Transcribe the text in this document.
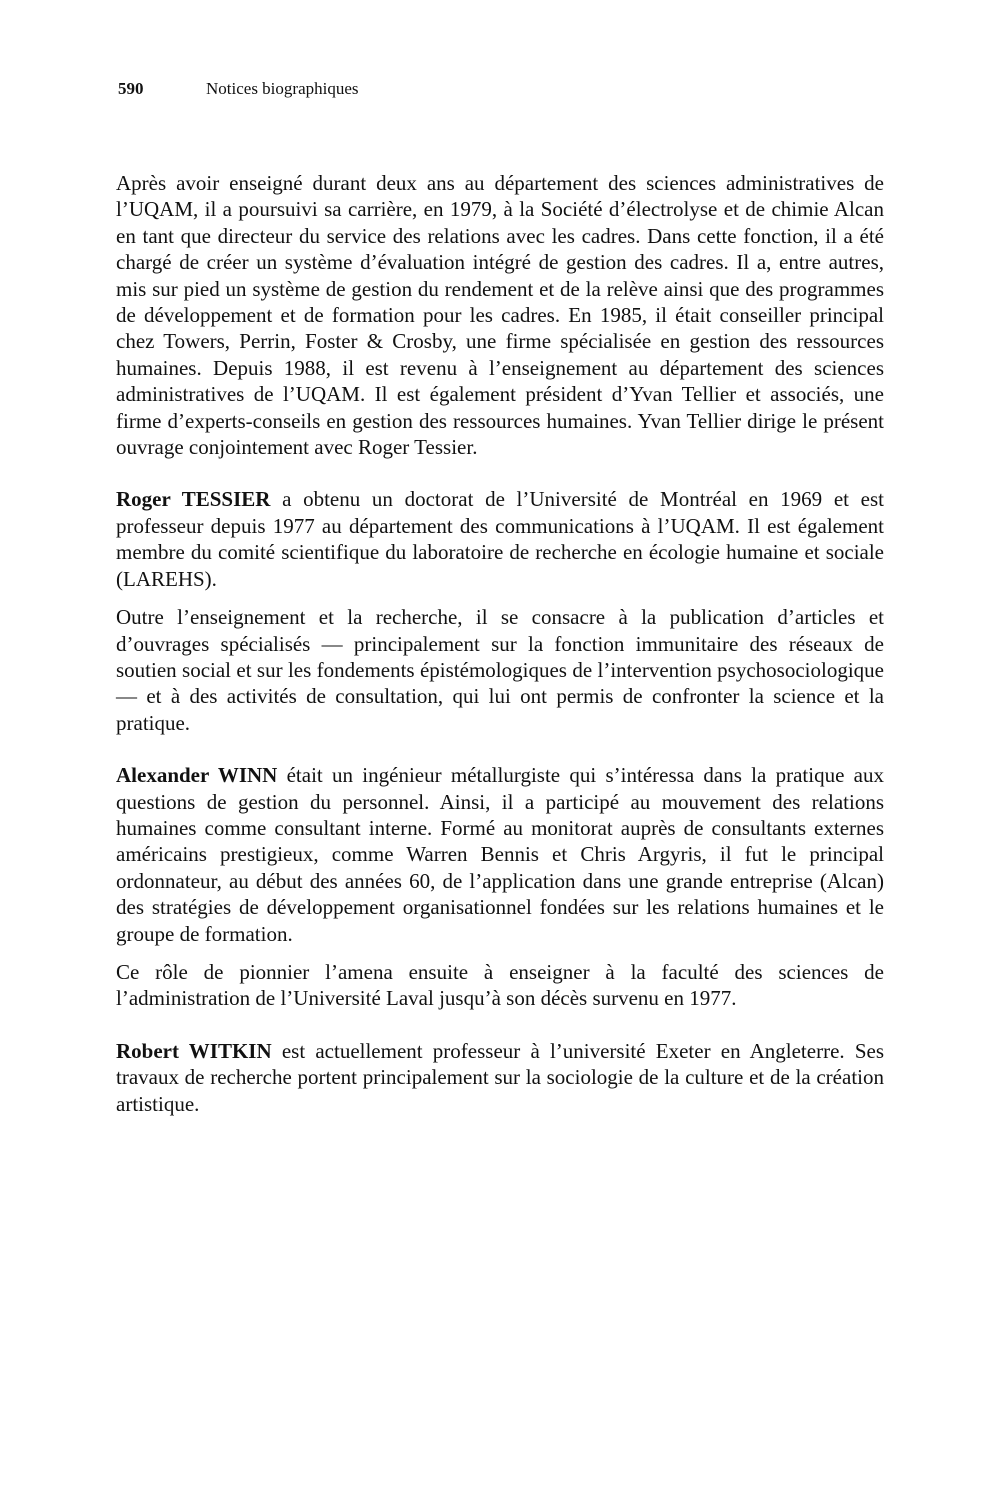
590	Notices biographiques

Après avoir enseigné durant deux ans au département des sciences administratives de l’UQAM, il a poursuivi sa carrière, en 1979, à la Société d’électrolyse et de chimie Alcan en tant que directeur du service des relations avec les cadres. Dans cette fonction, il a été chargé de créer un système d’évaluation intégré de gestion des cadres. Il a, entre autres, mis sur pied un système de gestion du rendement et de la relève ainsi que des programmes de développement et de formation pour les cadres. En 1985, il était conseiller principal chez Towers, Perrin, Foster & Crosby, une firme spécialisée en gestion des ressources humaines. Depuis 1988, il est revenu à l’enseignement au département des sciences administratives de l’UQAM. Il est également président d’Yvan Tellier et associés, une firme d’experts-conseils en gestion des ressources humaines. Yvan Tellier dirige le présent ouvrage conjointement avec Roger Tessier.

Roger TESSIER a obtenu un doctorat de l’Université de Montréal en 1969 et est professeur depuis 1977 au département des communications à l’UQAM. Il est également membre du comité scientifique du laboratoire de recherche en écologie humaine et sociale (LAREHS).

Outre l’enseignement et la recherche, il se consacre à la publication d’articles et d’ouvrages spécialisés — principalement sur la fonction immunitaire des réseaux de soutien social et sur les fondements épistémologiques de l’intervention psychosociologique — et à des activités de consultation, qui lui ont permis de confronter la science et la pratique.

Alexander WINN était un ingénieur métallurgiste qui s’intéressa dans la pratique aux questions de gestion du personnel. Ainsi, il a participé au mouvement des relations humaines comme consultant interne. Formé au monitorat auprès de consultants externes américains prestigieux, comme Warren Bennis et Chris Argyris, il fut le principal ordonnateur, au début des années 60, de l’application dans une grande entreprise (Alcan) des stratégies de développement organisationnel fondées sur les relations humaines et le groupe de formation.

Ce rôle de pionnier l’amena ensuite à enseigner à la faculté des sciences de l’administration de l’Université Laval jusqu’à son décès survenu en 1977.

Robert WITKIN est actuellement professeur à l’université Exeter en Angleterre. Ses travaux de recherche portent principalement sur la sociologie de la culture et de la création artistique.
